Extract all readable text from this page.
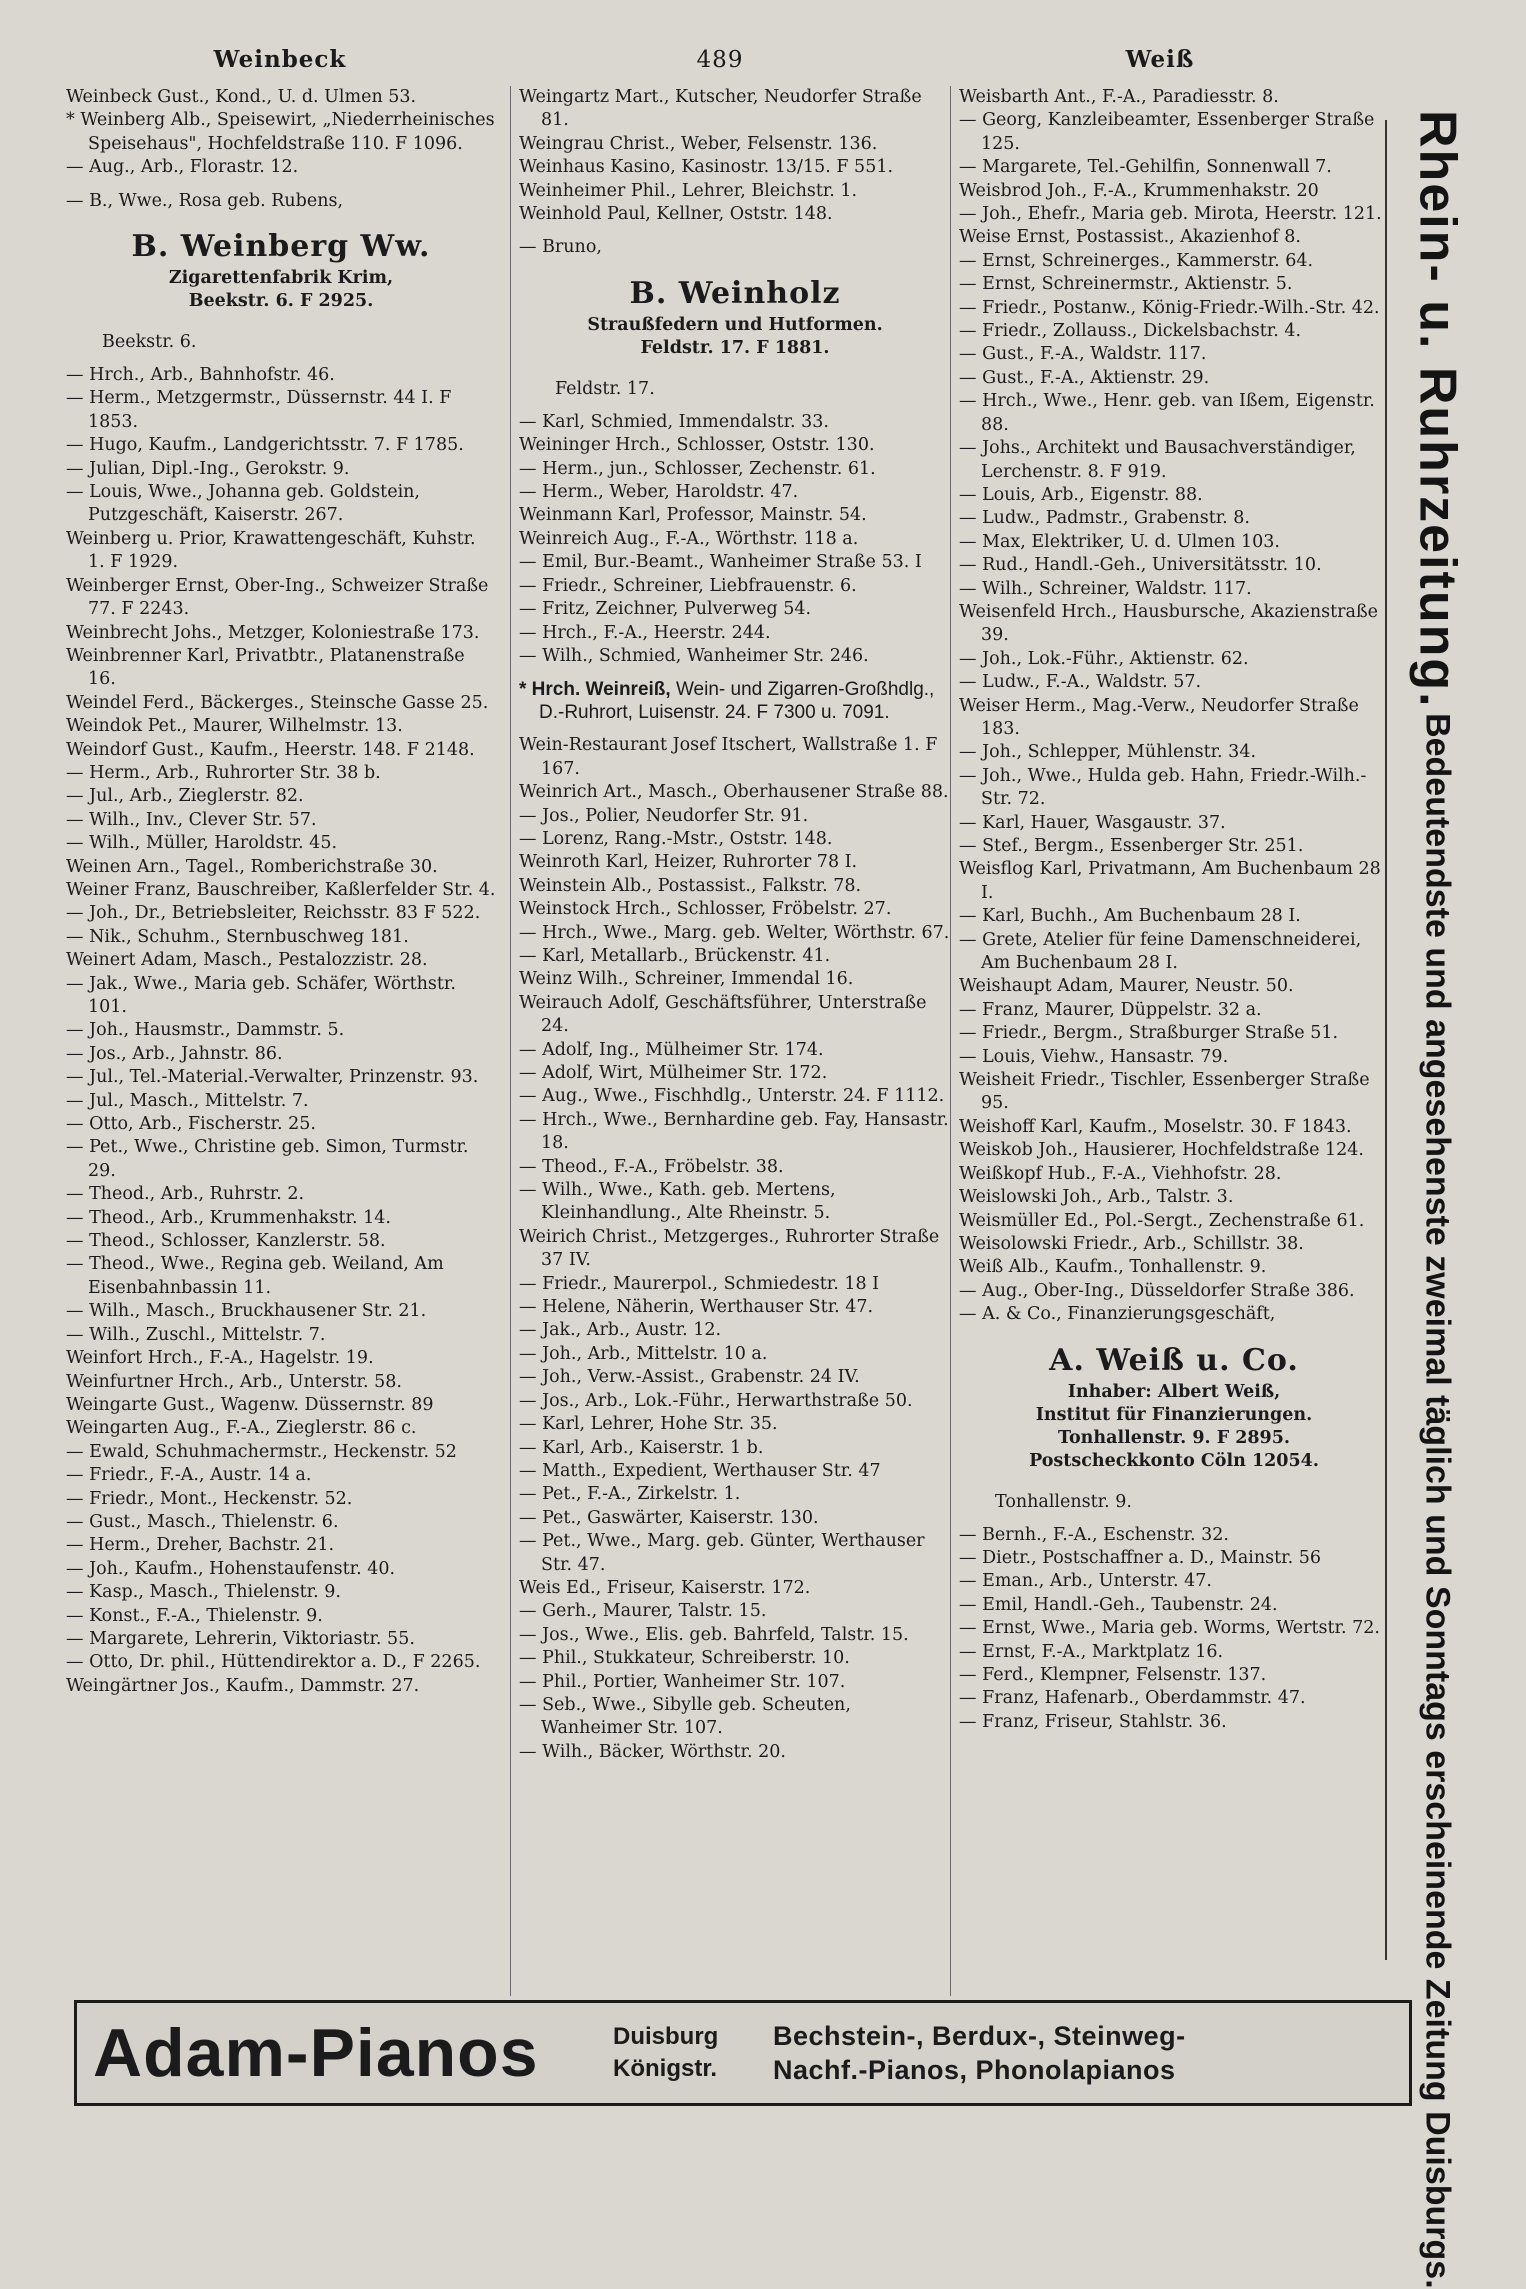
Weinbeck	489	Weiß

Weinbeck Gust., Kond., U. d. Ulmen 53.

* Weinberg Alb., Speisewirt, „Niederrheinisches Speisehaus", Hochfeldstraße 110. F 1096.

— Aug., Arb., Florastr. 12.

— B., Wwe., Rosa geb. Rubens,

B. Weinberg Ww.
Zigarettenfabrik Krim,
Beekstr. 6. F 2925.
Beekstr. 6.

— Hrch., Arb., Bahnhofstr. 46.

— Herm., Metzgermstr., Düssernstr. 44 I. F 1853.

— Hugo, Kaufm., Landgerichtsstr. 7. F 1785.

— Julian, Dipl.-Ing., Gerokstr. 9.

— Louis, Wwe., Johanna geb. Goldstein, Putzgeschäft, Kaiserstr. 267.

Weinberg u. Prior, Krawattengeschäft, Kuhstr. 1. F 1929.

Weinberger Ernst, Ober-Ing., Schweizer Straße 77. F 2243.

Weinbrecht Johs., Metzger, Koloniestraße 173.

Weinbrenner Karl, Privatbtr., Platanenstraße 16.

Weindel Ferd., Bäckerges., Steinsche Gasse 25.

Weindok Pet., Maurer, Wilhelmstr. 13.

Weindorf Gust., Kaufm., Heerstr. 148. F 2148.

— Herm., Arb., Ruhrorter Str. 38 b.

— Jul., Arb., Zieglerstr. 82.

— Wilh., Inv., Clever Str. 57.

— Wilh., Müller, Haroldstr. 45.

Weinen Arn., Tagel., Romberichstraße 30.

Weiner Franz, Bauschreiber, Kaßlerfelder Str. 4.

— Joh., Dr., Betriebsleiter, Reichsstr. 83 F 522.

— Nik., Schuhm., Sternbuschweg 181.

Weinert Adam, Masch., Pestalozzistr. 28.

— Jak., Wwe., Maria geb. Schäfer, Wörthstr. 101.

— Joh., Hausmstr., Dammstr. 5.

— Jos., Arb., Jahnstr. 86.

— Jul., Tel.-Material.-Verwalter, Prinzenstr. 93.

— Jul., Masch., Mittelstr. 7.

— Otto, Arb., Fischerstr. 25.

— Pet., Wwe., Christine geb. Simon, Turmstr. 29.

— Theod., Arb., Ruhrstr. 2.

— Theod., Arb., Krummenhakstr. 14.

— Theod., Schlosser, Kanzlerstr. 58.

— Theod., Wwe., Regina geb. Weiland, Am Eisenbahnbassin 11.

— Wilh., Masch., Bruckhausener Str. 21.

— Wilh., Zuschl., Mittelstr. 7.

Weinfort Hrch., F.-A., Hagelstr. 19.

Weinfurtner Hrch., Arb., Unterstr. 58.

Weingarte Gust., Wagenw. Düssernstr. 89

Weingarten Aug., F.-A., Zieglerstr. 86 c.

— Ewald, Schuhmachermstr., Heckenstr. 52

— Friedr., F.-A., Austr. 14 a.

— Friedr., Mont., Heckenstr. 52.

— Gust., Masch., Thielenstr. 6.

— Herm., Dreher, Bachstr. 21.

— Joh., Kaufm., Hohenstaufenstr. 40.

— Kasp., Masch., Thielenstr. 9.

— Konst., F.-A., Thielenstr. 9.

— Margarete, Lehrerin, Viktoriastr. 55.

— Otto, Dr. phil., Hüttendirektor a. D., F 2265.

Weingärtner Jos., Kaufm., Dammstr. 27.

Weingartz Mart., Kutscher, Neudorfer Straße 81.

Weingrau Christ., Weber, Felsenstr. 136.

Weinhaus Kasino, Kasinostr. 13/15. F 551.

Weinheimer Phil., Lehrer, Bleichstr. 1.

Weinhold Paul, Kellner, Oststr. 148.

— Bruno,

B. Weinholz
Straußfedern und Hutformen.
Feldstr. 17. F 1881.
Feldstr. 17.

— Karl, Schmied, Immendalstr. 33.

Weininger Hrch., Schlosser, Oststr. 130.

— Herm., jun., Schlosser, Zechenstr. 61.

— Herm., Weber, Haroldstr. 47.

Weinmann Karl, Professor, Mainstr. 54.

Weinreich Aug., F.-A., Wörthstr. 118 a.

— Emil, Bur.-Beamt., Wanheimer Straße 53. I

— Friedr., Schreiner, Liebfrauenstr. 6.

— Fritz, Zeichner, Pulverweg 54.

— Hrch., F.-A., Heerstr. 244.

— Wilh., Schmied, Wanheimer Str. 246.

* Hrch. Weinreiß, Wein- und Zigarren-Großhdlg., D.-Ruhrort, Luisenstr. 24. F 7300 u. 7091.

Wein-Restaurant Josef Itschert, Wallstraße 1. F 167.

Weinrich Art., Masch., Oberhausener Straße 88.

— Jos., Polier, Neudorfer Str. 91.

— Lorenz, Rang.-Mstr., Oststr. 148.

Weinroth Karl, Heizer, Ruhrorter 78 I.

Weinstein Alb., Postassist., Falkstr. 78.

Weinstock Hrch., Schlosser, Fröbelstr. 27.

— Hrch., Wwe., Marg. geb. Welter, Wörthstr. 67.

— Karl, Metallarb., Brückenstr. 41.

Weinz Wilh., Schreiner, Immendal 16.

Weirauch Adolf, Geschäftsführer, Unterstraße 24.

— Adolf, Ing., Mülheimer Str. 174.

— Adolf, Wirt, Mülheimer Str. 172.

— Aug., Wwe., Fischhdlg., Unterstr. 24. F 1112.

— Hrch., Wwe., Bernhardine geb. Fay, Hansastr. 18.

— Theod., F.-A., Fröbelstr. 38.

— Wilh., Wwe., Kath. geb. Mertens, Kleinhandlung., Alte Rheinstr. 5.

Weirich Christ., Metzgerges., Ruhrorter Straße 37 IV.

— Friedr., Maurerpol., Schmiedestr. 18 I

— Helene, Näherin, Werthauser Str. 47.

— Jak., Arb., Austr. 12.

— Joh., Arb., Mittelstr. 10 a.

— Joh., Verw.-Assist., Grabenstr. 24 IV.

— Jos., Arb., Lok.-Führ., Herwarthstraße 50.

— Karl, Lehrer, Hohe Str. 35.

— Karl, Arb., Kaiserstr. 1 b.

— Matth., Expedient, Werthauser Str. 47

— Pet., F.-A., Zirkelstr. 1.

— Pet., Gaswärter, Kaiserstr. 130.

— Pet., Wwe., Marg. geb. Günter, Werthauser Str. 47.

Weis Ed., Friseur, Kaiserstr. 172.

— Gerh., Maurer, Talstr. 15.

— Jos., Wwe., Elis. geb. Bahrfeld, Talstr. 15.

— Phil., Stukkateur, Schreiberstr. 10.

— Phil., Portier, Wanheimer Str. 107.

— Seb., Wwe., Sibylle geb. Scheuten, Wanheimer Str. 107.

— Wilh., Bäcker, Wörthstr. 20.

Weisbarth Ant., F.-A., Paradiesstr. 8.

— Georg, Kanzleibeamter, Essenberger Straße 125.

— Margarete, Tel.-Gehilfin, Sonnenwall 7.

Weisbrod Joh., F.-A., Krummenhakstr. 20

— Joh., Ehefr., Maria geb. Mirota, Heerstr. 121.

Weise Ernst, Postassist., Akazienhof 8.

— Ernst, Schreinerges., Kammerstr. 64.

— Ernst, Schreinermstr., Aktienstr. 5.

— Friedr., Postanw., König-Friedr.-Wilh.-Str. 42.

— Friedr., Zollauss., Dickelsbachstr. 4.

— Gust., F.-A., Waldstr. 117.

— Gust., F.-A., Aktienstr. 29.

— Hrch., Wwe., Henr. geb. van Ißem, Eigenstr. 88.

— Johs., Architekt und Bausachverständiger, Lerchenstr. 8. F 919.

— Louis, Arb., Eigenstr. 88.

— Ludw., Padmstr., Grabenstr. 8.

— Max, Elektriker, U. d. Ulmen 103.

— Rud., Handl.-Geh., Universitätsstr. 10.

— Wilh., Schreiner, Waldstr. 117.

Weisenfeld Hrch., Hausbursche, Akazienstraße 39.

— Joh., Lok.-Führ., Aktienstr. 62.

— Ludw., F.-A., Waldstr. 57.

Weiser Herm., Mag.-Verw., Neudorfer Straße 183.

— Joh., Schlepper, Mühlenstr. 34.

— Joh., Wwe., Hulda geb. Hahn, Friedr.-Wilh.-Str. 72.

— Karl, Hauer, Wasgaustr. 37.

— Stef., Bergm., Essenberger Str. 251.

Weisflog Karl, Privatmann, Am Buchenbaum 28 I.

— Karl, Buchh., Am Buchenbaum 28 I.

— Grete, Atelier für feine Damenschneiderei, Am Buchenbaum 28 I.

Weishaupt Adam, Maurer, Neustr. 50.

— Franz, Maurer, Düppelstr. 32 a.

— Friedr., Bergm., Straßburger Straße 51.

— Louis, Viehw., Hansastr. 79.

Weisheit Friedr., Tischler, Essenberger Straße 95.

Weishoff Karl, Kaufm., Moselstr. 30. F 1843.

Weiskob Joh., Hausierer, Hochfeldstraße 124.

Weißkopf Hub., F.-A., Viehhofstr. 28.

Weislowski Joh., Arb., Talstr. 3.

Weismüller Ed., Pol.-Sergt., Zechenstraße 61.

Weisolowski Friedr., Arb., Schillstr. 38.

Weiß Alb., Kaufm., Tonhallenstr. 9.

— Aug., Ober-Ing., Düsseldorfer Straße 386.

— A. & Co., Finanzierungsgeschäft,

A. Weiß u. Co.
Inhaber: Albert Weiß,
Institut für Finanzierungen.
Tonhallenstr. 9. F 2895.
Postscheckkonto Cöln 12054.
Tonhallenstr. 9.

— Bernh., F.-A., Eschenstr. 32.

— Dietr., Postschaffner a. D., Mainstr. 56

— Eman., Arb., Unterstr. 47.

— Emil, Handl.-Geh., Taubenstr. 24.

— Ernst, Wwe., Maria geb. Worms, Wertstr. 72.

— Ernst, F.-A., Marktplatz 16.

— Ferd., Klempner, Felsenstr. 137.

— Franz, Hafenarb., Oberdammstr. 47.

— Franz, Friseur, Stahlstr. 36.

Rhein- u. Ruhrzeitung. Bedeutendste und angesehenste zweimal täglich und Sonntags erscheinende Zeitung Duisburgs.
Adam-Pianos	Duisburg
Königstr.
Bechstein-, Berdux-, Steinweg-
Nachf.-Pianos, Phonolapianos
